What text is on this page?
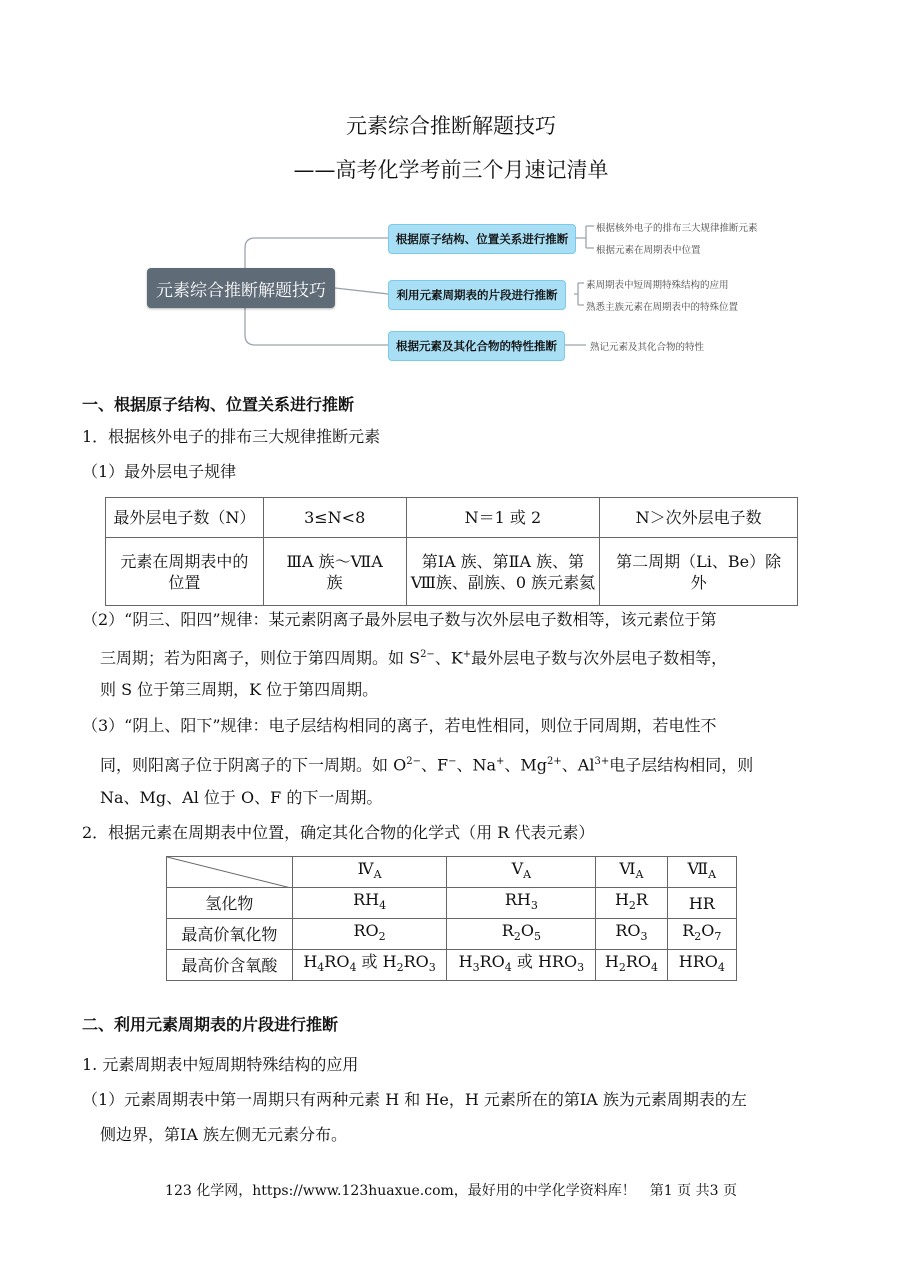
元素综合推断解题技巧
——高考化学考前三个月速记清单
元素综合推断解题技巧
根据原子结构、位置关系进行推断
利用元素周期表的片段进行推断
根据元素及其化合物的特性推断
根据核外电子的排布三大规律推断元素
根据元素在周期表中位置
素周期表中短周期特殊结构的应用
熟悉主族元素在周期表中的特殊位置
熟记元素及其化合物的特性
一、根据原子结构、位置关系进行推断
1．根据核外电子的排布三大规律推断元素
（1）最外层电子规律
最外层电子数（N）	3≤N<8	N＝1 或 2	N＞次外层电子数
元素在周期表中的位置	ⅢA 族～ⅦA族	第ⅠA 族、第ⅡA 族、第Ⅷ族、副族、0 族元素氦	第二周期（Li、Be）除外
（2）“阴三、阳四”规律：某元素阴离子最外层电子数与次外层电子数相等，该元素位于第
三周期；若为阳离子，则位于第四周期。如 $S^{2-}$、K+最外层电子数与次外层电子数相等，
则 S 位于第三周期，K 位于第四周期。
（3）“阴上、阳下”规律：电子层结构相同的离子，若电性相同，则位于同周期，若电性不
同，则阳离子位于阴离子的下一周期。如 $O^{2-}$、F−、Na+、$Mg^{2+}$、$Al^{3+}$电子层结构相同，则
Na、Mg、Al 位于 O、F 的下一周期。
2．根据元素在周期表中位置，确定其化合物的化学式（用 R 代表元素）
	$Ⅳ_A$	$Ⅴ_A$	$Ⅵ_A$	$Ⅶ_A$
氢化物	$RH_4$	$RH_3$	$H_2R$	HR
最高价氧化物	$RO_2$	$R_2O_5$	$RO_3$	$R_2O_7$
最高价含氧酸	$H_4RO_4$ 或 $H_2RO_3$	$H_3RO_4$ 或 $HRO_3$	$H_2RO_4$	$HRO_4$
二、利用元素周期表的片段进行推断
1. 元素周期表中短周期特殊结构的应用
（1）元素周期表中第一周期只有两种元素 H 和 He，H 元素所在的第ⅠA 族为元素周期表的左
侧边界，第ⅠA 族左侧无元素分布。
123 化学网，https://www.123huaxue.com，最好用的中学化学资料库！　第1 页 共3 页
